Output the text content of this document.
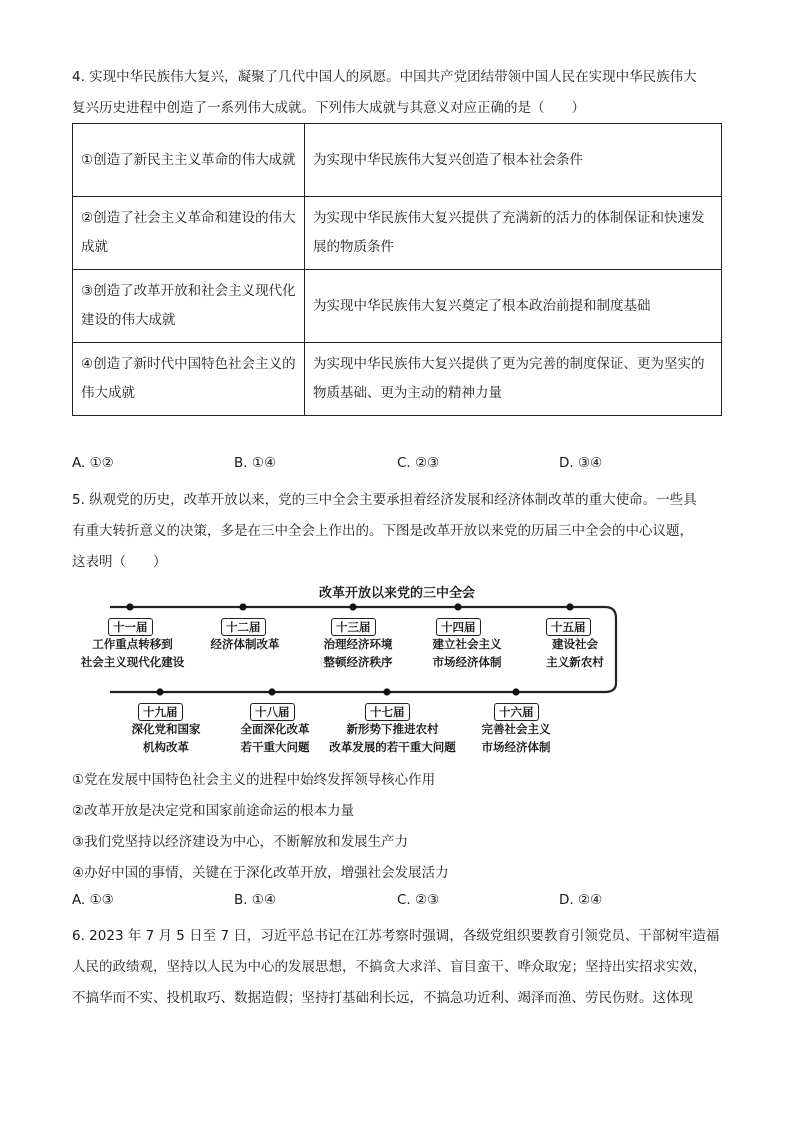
4. 实现中华民族伟大复兴，凝聚了几代中国人的夙愿。中国共产党团结带领中国人民在实现中华民族伟大
复兴历史进程中创造了一系列伟大成就。下列伟大成就与其意义对应正确的是（　　）
①创造了新民主主义革命的伟大成就	为实现中华民族伟大复兴创造了根本社会条件
②创造了社会主义革命和建设的伟大成就	为实现中华民族伟大复兴提供了充满新的活力的体制保证和快速发展的物质条件
③创造了改革开放和社会主义现代化建设的伟大成就	为实现中华民族伟大复兴奠定了根本政治前提和制度基础
④创造了新时代中国特色社会主义的伟大成就	为实现中华民族伟大复兴提供了更为完善的制度保证、更为坚实的物质基础、更为主动的精神力量
A. ①②	B. ①④	C. ②③	D. ③④
5. 纵观党的历史，改革开放以来，党的三中全会主要承担着经济发展和经济体制改革的重大使命。一些具
有重大转折意义的决策，多是在三中全会上作出的。下图是改革开放以来党的历届三中全会的中心议题，
这表明（　　）
改革开放以来党的三中全会
十一届
工作重点转移到
社会主义现代化建设
十二届
经济体制改革
十三届
治理经济环境
整顿经济秩序
十四届
建立社会主义
市场经济体制
十五届
建设社会
主义新农村
十九届
深化党和国家
机构改革
十八届
全面深化改革
若干重大问题
十七届
新形势下推进农村
改革发展的若干重大问题
十六届
完善社会主义
市场经济体制
①党在发展中国特色社会主义的进程中始终发挥领导核心作用
②改革开放是决定党和国家前途命运的根本力量
③我们党坚持以经济建设为中心，不断解放和发展生产力
④办好中国的事情，关键在于深化改革开放，增强社会发展活力
A. ①③	B. ①④	C. ②③	D. ②④
6. 2023 年 7 月 5 日至 7 日，习近平总书记在江苏考察时强调，各级党组织要教育引领党员、干部树牢造福
人民的政绩观，坚持以人民为中心的发展思想，不搞贪大求洋、盲目蛮干、哗众取宠；坚持出实招求实效，
不搞华而不实、投机取巧、数据造假；坚持打基础利长远，不搞急功近利、竭泽而渔、劳民伤财。这体现
